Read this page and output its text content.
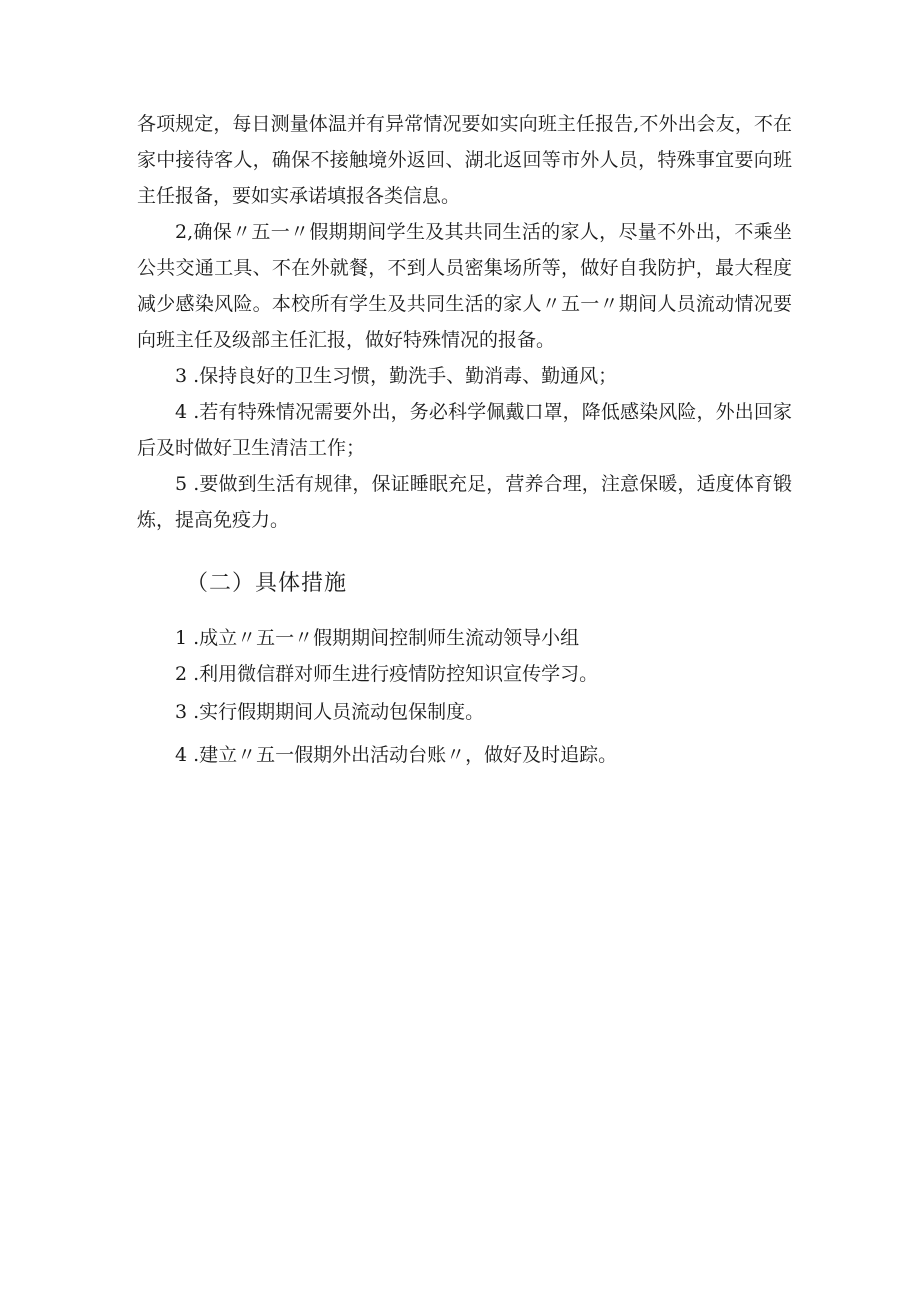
各项规定，每日测量体温并有异常情况要如实向班主任报告,不外出会友，不在家中接待客人，确保不接触境外返回、湖北返回等市外人员，特殊事宜要向班主任报备，要如实承诺填报各类信息。

2,确保〃五一〃假期期间学生及其共同生活的家人，尽量不外出，不乘坐公共交通工具、不在外就餐，不到人员密集场所等，做好自我防护，最大程度减少感染风险。本校所有学生及共同生活的家人〃五一〃期间人员流动情况要向班主任及级部主任汇报，做好特殊情况的报备。

3 .保持良好的卫生习惯，勤洗手、勤消毒、勤通风；

4 .若有特殊情况需要外出，务必科学佩戴口罩，降低感染风险，外出回家后及时做好卫生清洁工作；

5 .要做到生活有规律，保证睡眠充足，营养合理，注意保暖，适度体育锻炼，提高免疫力。

（二）具体措施

1 .成立〃五一〃假期期间控制师生流动领导小组

2 .利用微信群对师生进行疫情防控知识宣传学习。

3 .实行假期期间人员流动包保制度。

4 .建立〃五一假期外出活动台账〃，做好及时追踪。
